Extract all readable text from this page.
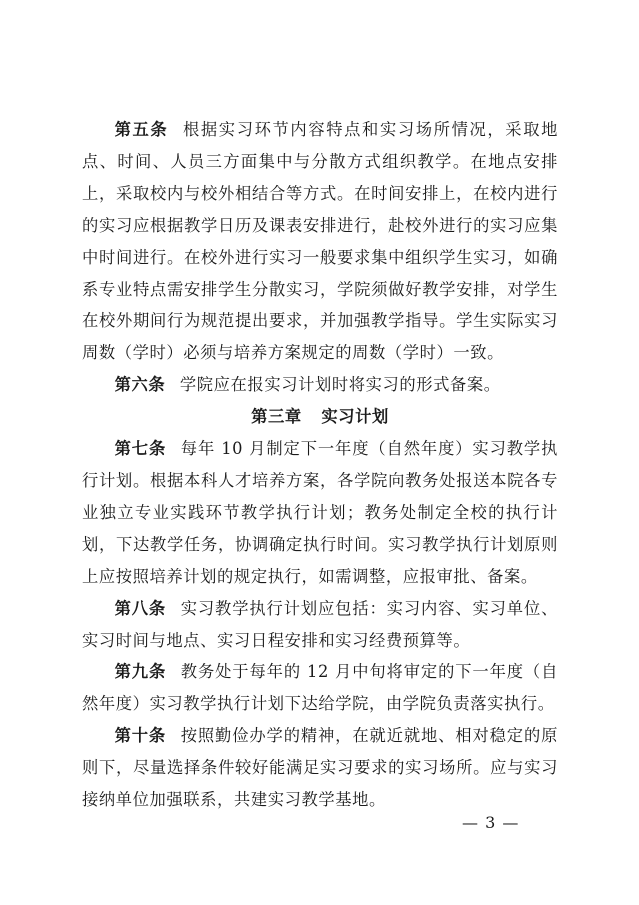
第五条 根据实习环节内容特点和实习场所情况，采取地点、时间、人员三方面集中与分散方式组织教学。在地点安排上，采取校内与校外相结合等方式。在时间安排上，在校内进行的实习应根据教学日历及课表安排进行，赴校外进行的实习应集中时间进行。在校外进行实习一般要求集中组织学生实习，如确系专业特点需安排学生分散实习，学院须做好教学安排，对学生在校外期间行为规范提出要求，并加强教学指导。学生实际实习周数（学时）必须与培养方案规定的周数（学时）一致。

第六条 学院应在报实习计划时将实习的形式备案。

第三章 实习计划

第七条 每年 10 月制定下一年度（自然年度）实习教学执行计划。根据本科人才培养方案，各学院向教务处报送本院各专业独立专业实践环节教学执行计划；教务处制定全校的执行计划，下达教学任务，协调确定执行时间。实习教学执行计划原则上应按照培养计划的规定执行，如需调整，应报审批、备案。

第八条 实习教学执行计划应包括：实习内容、实习单位、实习时间与地点、实习日程安排和实习经费预算等。

第九条 教务处于每年的 12 月中旬将审定的下一年度（自然年度）实习教学执行计划下达给学院，由学院负责落实执行。

第十条 按照勤俭办学的精神，在就近就地、相对稳定的原则下，尽量选择条件较好能满足实习要求的实习场所。应与实习接纳单位加强联系，共建实习教学基地。

— 3 —
